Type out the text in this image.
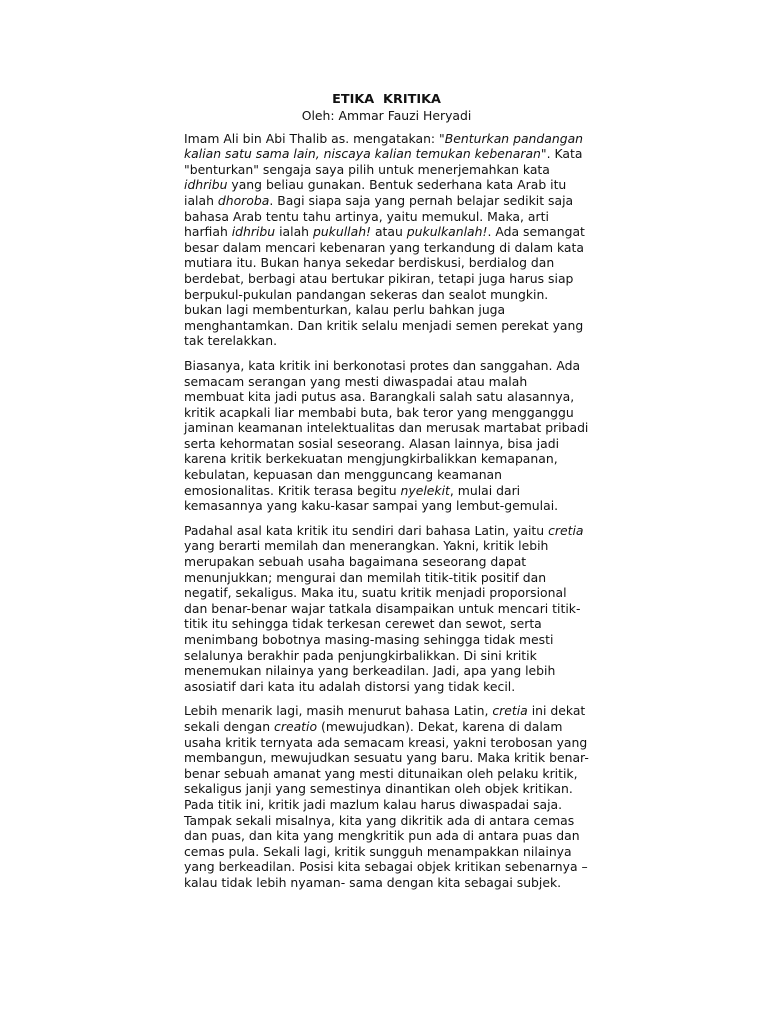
ETIKA  KRITIKA
Oleh: Ammar Fauzi Heryadi
Imam Ali bin Abi Thalib as. mengatakan: "Benturkan pandangan kalian satu sama lain, niscaya kalian temukan kebenaran". Kata "benturkan" sengaja saya pilih untuk menerjemahkan kata idhribu yang beliau gunakan. Bentuk sederhana kata Arab itu ialah dhoroba. Bagi siapa saja yang pernah belajar sedikit saja bahasa Arab tentu tahu artinya, yaitu memukul. Maka, arti harfiah idhribu ialah pukullah! atau pukulkanlah!. Ada semangat besar dalam mencari kebenaran yang terkandung di dalam kata mutiara itu. Bukan hanya sekedar berdiskusi, berdialog dan berdebat, berbagi atau bertukar pikiran, tetapi juga harus siap berpukul-pukulan pandangan sekeras dan sealot mungkin. bukan lagi membenturkan, kalau perlu bahkan juga menghantamkan. Dan kritik selalu menjadi semen perekat yang tak terelakkan.
Biasanya, kata kritik ini berkonotasi protes dan sanggahan. Ada semacam serangan yang mesti diwaspadai atau malah membuat kita jadi putus asa. Barangkali salah satu alasannya, kritik acapkali liar membabi buta, bak teror yang mengganggu jaminan keamanan intelektualitas dan merusak martabat pribadi serta kehormatan sosial seseorang. Alasan lainnya, bisa jadi karena kritik berkekuatan mengjungkirbalikkan kemapanan, kebulatan, kepuasan dan mengguncang keamanan emosionalitas. Kritik terasa begitu nyelekit, mulai dari kemasannya yang kaku-kasar sampai yang lembut-gemulai.
Padahal asal kata kritik itu sendiri dari bahasa Latin, yaitu cretia yang berarti memilah dan menerangkan. Yakni, kritik lebih merupakan sebuah usaha bagaimana seseorang dapat menunjukkan; mengurai dan memilah titik-titik positif dan negatif, sekaligus. Maka itu, suatu kritik menjadi proporsional dan benar-benar wajar tatkala disampaikan untuk mencari titik-titik itu sehingga tidak terkesan cerewet dan sewot, serta menimbang bobotnya masing-masing sehingga tidak mesti selalunya berakhir pada penjungkirbalikkan. Di sini kritik menemukan nilainya yang berkeadilan. Jadi, apa yang lebih asosiatif dari kata itu adalah distorsi yang tidak kecil.
Lebih menarik lagi, masih menurut bahasa Latin, cretia ini dekat sekali dengan creatio (mewujudkan). Dekat, karena di dalam usaha kritik ternyata ada semacam kreasi, yakni terobosan yang membangun, mewujudkan sesuatu yang baru. Maka kritik benar-benar sebuah amanat yang mesti ditunaikan oleh pelaku kritik, sekaligus janji yang semestinya dinantikan oleh objek kritikan. Pada titik ini, kritik jadi mazlum kalau harus diwaspadai saja. Tampak sekali misalnya, kita yang dikritik ada di antara cemas dan puas, dan kita yang mengkritik pun ada di antara puas dan cemas pula. Sekali lagi, kritik sungguh menampakkan nilainya yang berkeadilan. Posisi kita sebagai objek kritikan sebenarnya –kalau tidak lebih nyaman- sama dengan kita sebagai subjek.
